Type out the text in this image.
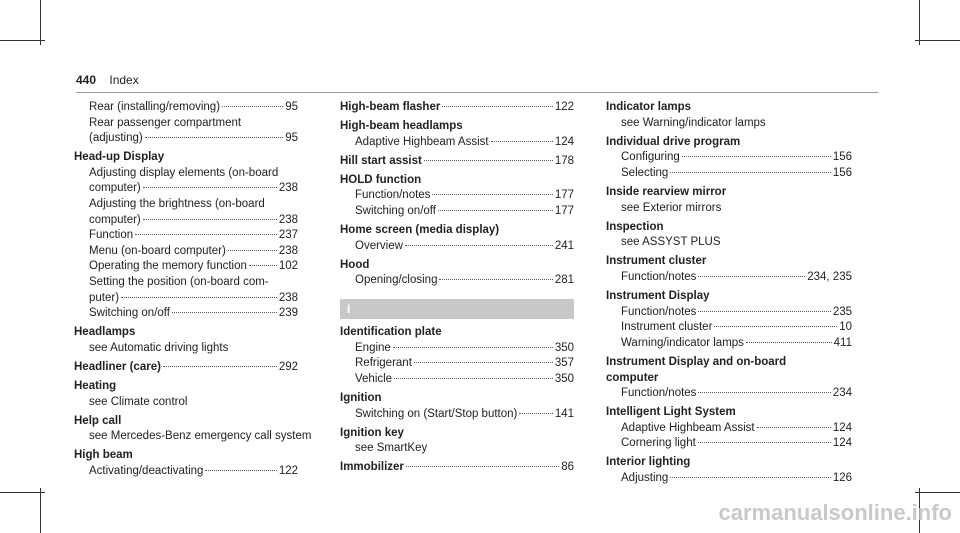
440 Index
Rear (installing/removing)	95
Rear passenger compartment
(adjusting)	95
Head-up Display
Adjusting display elements (on-board
computer)	238
Adjusting the brightness (on-board
computer)	238
Function	237
Menu (on-board computer)	238
Operating the memory function	102
Setting the position (on-board com-
puter)	238
Switching on/off	239
Headlamps
see Automatic driving lights
Headliner (care)	292
Heating
see Climate control
Help call
see Mercedes-Benz emergency call system
High beam
Activating/deactivating	122
High-beam flasher	122
High-beam headlamps
Adaptive Highbeam Assist	124
Hill start assist	178
HOLD function
Function/notes	177
Switching on/off	177
Home screen (media display)
Overview	241
Hood
Opening/closing	281
I
Identification plate
Engine	350
Refrigerant	357
Vehicle	350
Ignition
Switching on (Start/Stop button)	141
Ignition key
see SmartKey
Immobilizer	86
Indicator lamps
see Warning/indicator lamps
Individual drive program
Configuring	156
Selecting	156
Inside rearview mirror
see Exterior mirrors
Inspection
see ASSYST PLUS
Instrument cluster
Function/notes	234, 235
Instrument Display
Function/notes	235
Instrument cluster	10
Warning/indicator lamps	411
Instrument Display and on-board
computer
Function/notes	234
Intelligent Light System
Adaptive Highbeam Assist	124
Cornering light	124
Interior lighting
Adjusting	126
carmanualsonline.info
